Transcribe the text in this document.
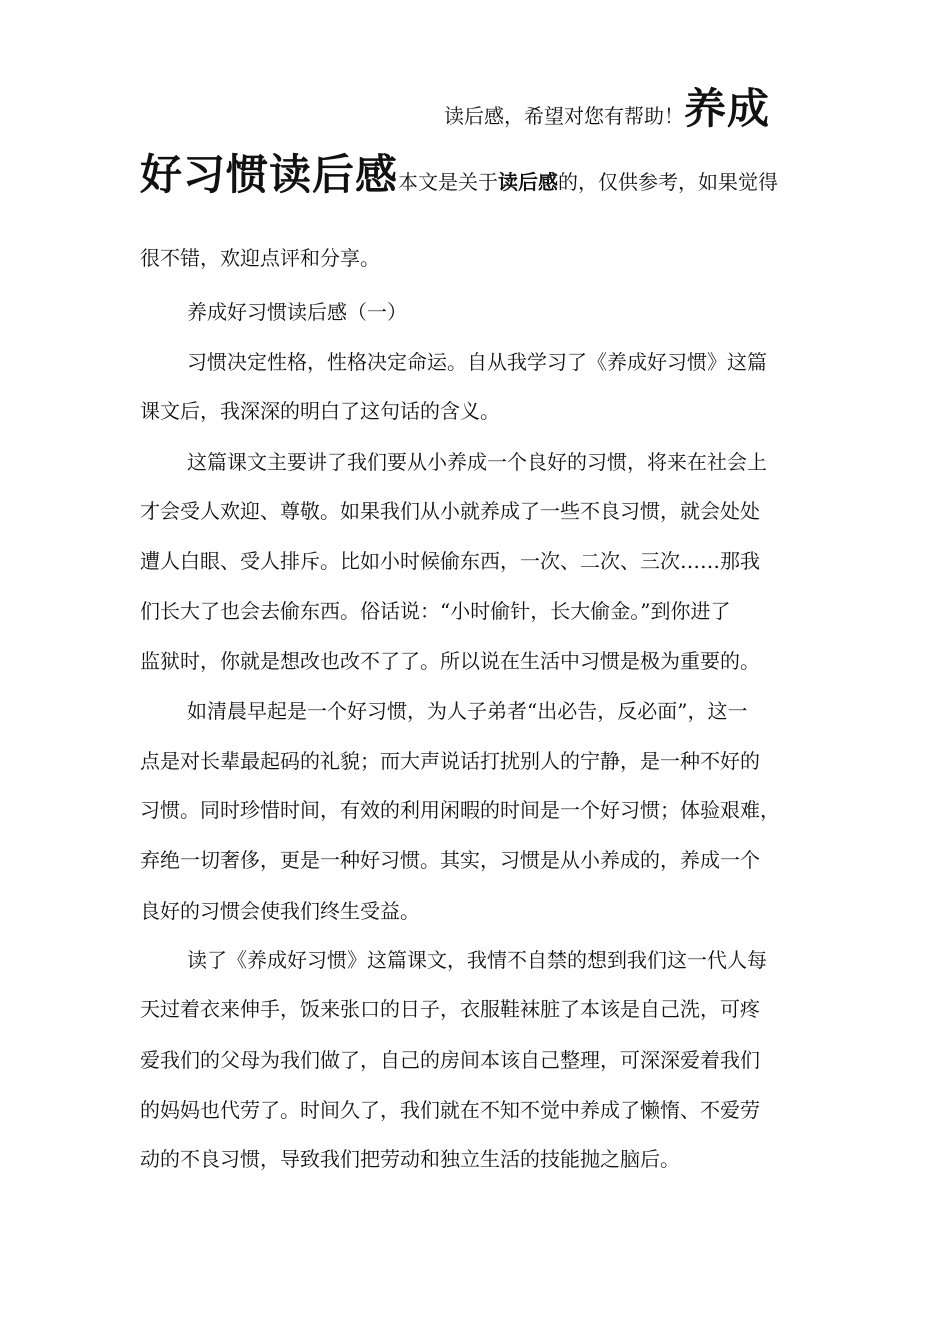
读后感，希望对您有帮助！养成
好习惯读后感本文是关于读后感的，仅供参考，如果觉得
很不错，欢迎点评和分享。
养成好习惯读后感（一）
习惯决定性格，性格决定命运。自从我学习了《养成好习惯》这篇
课文后，我深深的明白了这句话的含义。
这篇课文主要讲了我们要从小养成一个良好的习惯，将来在社会上
才会受人欢迎、尊敬。如果我们从小就养成了一些不良习惯，就会处处
遭人白眼、受人排斥。比如小时候偷东西，一次、二次、三次……那我
们长大了也会去偷东西。俗话说：“小时偷针，长大偷金。”到你进了
监狱时，你就是想改也改不了了。所以说在生活中习惯是极为重要的。
如清晨早起是一个好习惯，为人子弟者“出必告，反必面”，这一
点是对长辈最起码的礼貌；而大声说话打扰别人的宁静，是一种不好的
习惯。同时珍惜时间，有效的利用闲暇的时间是一个好习惯；体验艰难，
弃绝一切奢侈，更是一种好习惯。其实，习惯是从小养成的，养成一个
良好的习惯会使我们终生受益。
读了《养成好习惯》这篇课文，我情不自禁的想到我们这一代人每
天过着衣来伸手，饭来张口的日子，衣服鞋袜脏了本该是自己洗，可疼
爱我们的父母为我们做了，自己的房间本该自己整理，可深深爱着我们
的妈妈也代劳了。时间久了，我们就在不知不觉中养成了懒惰、不爱劳
动的不良习惯，导致我们把劳动和独立生活的技能抛之脑后。
